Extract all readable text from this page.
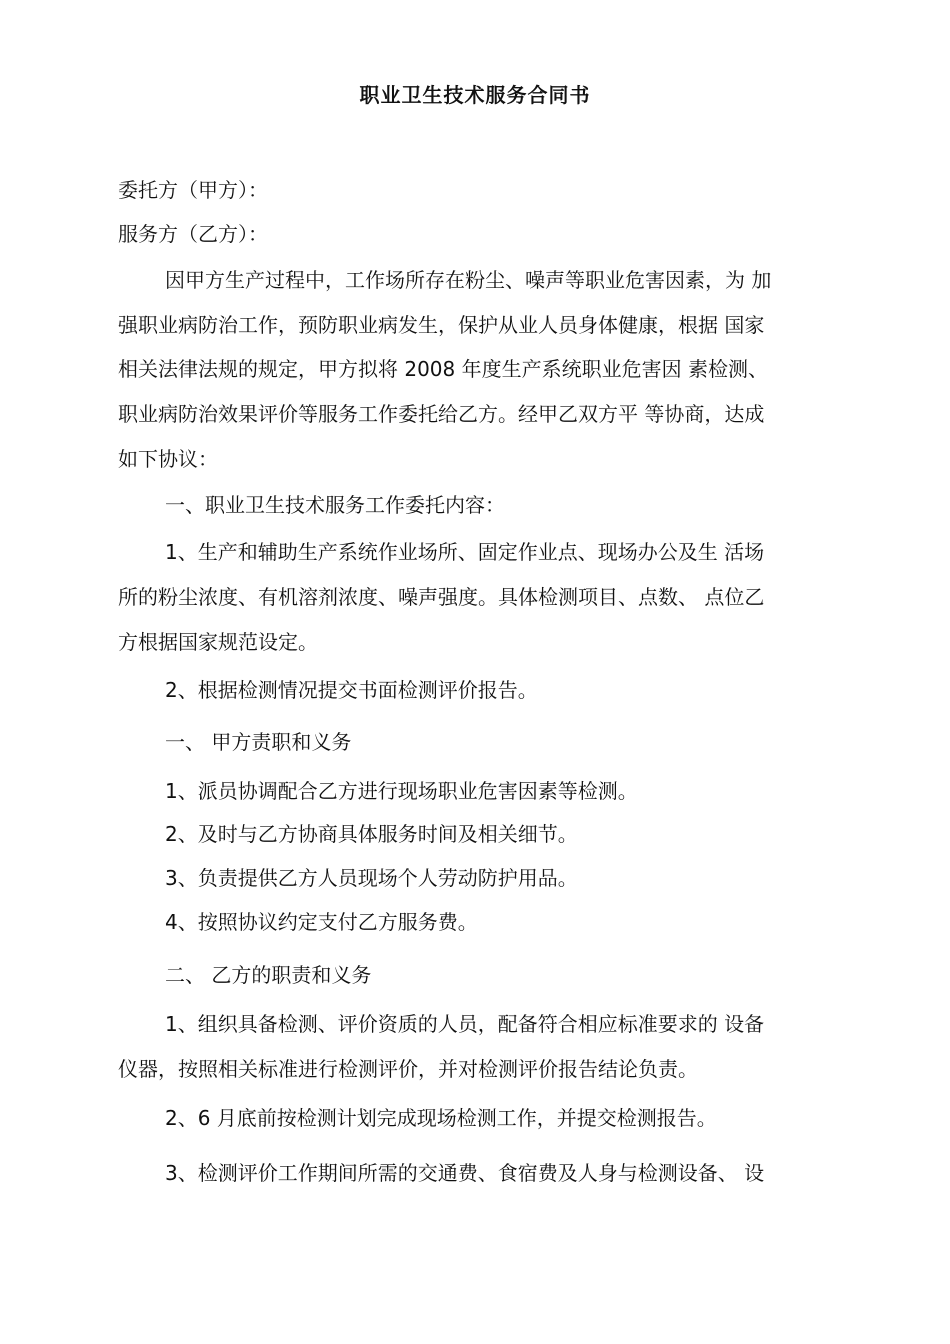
职业卫生技术服务合同书
委托方（甲方）：
服务方（乙方）：
因甲方生产过程中，工作场所存在粉尘、噪声等职业危害因素，为 加
强职业病防治工作，预防职业病发生，保护从业人员身体健康，根据 国家
相关法律法规的规定，甲方拟将 2008 年度生产系统职业危害因 素检测、
职业病防治效果评价等服务工作委托给乙方。经甲乙双方平 等协商，达成
如下协议：
一、职业卫生技术服务工作委托内容：
1、生产和辅助生产系统作业场所、固定作业点、现场办公及生 活场
所的粉尘浓度、有机溶剂浓度、噪声强度。具体检测项目、点数、 点位乙
方根据国家规范设定。
2、根据检测情况提交书面检测评价报告。
一、 甲方责职和义务
1、派员协调配合乙方进行现场职业危害因素等检测。
2、及时与乙方协商具体服务时间及相关细节。
3、负责提供乙方人员现场个人劳动防护用品。
4、按照协议约定支付乙方服务费。
二、 乙方的职责和义务
1、组织具备检测、评价资质的人员，配备符合相应标准要求的 设备
仪器，按照相关标准进行检测评价，并对检测评价报告结论负责。
2、6 月底前按检测计划完成现场检测工作，并提交检测报告。
3、检测评价工作期间所需的交通费、食宿费及人身与检测设备、 设
